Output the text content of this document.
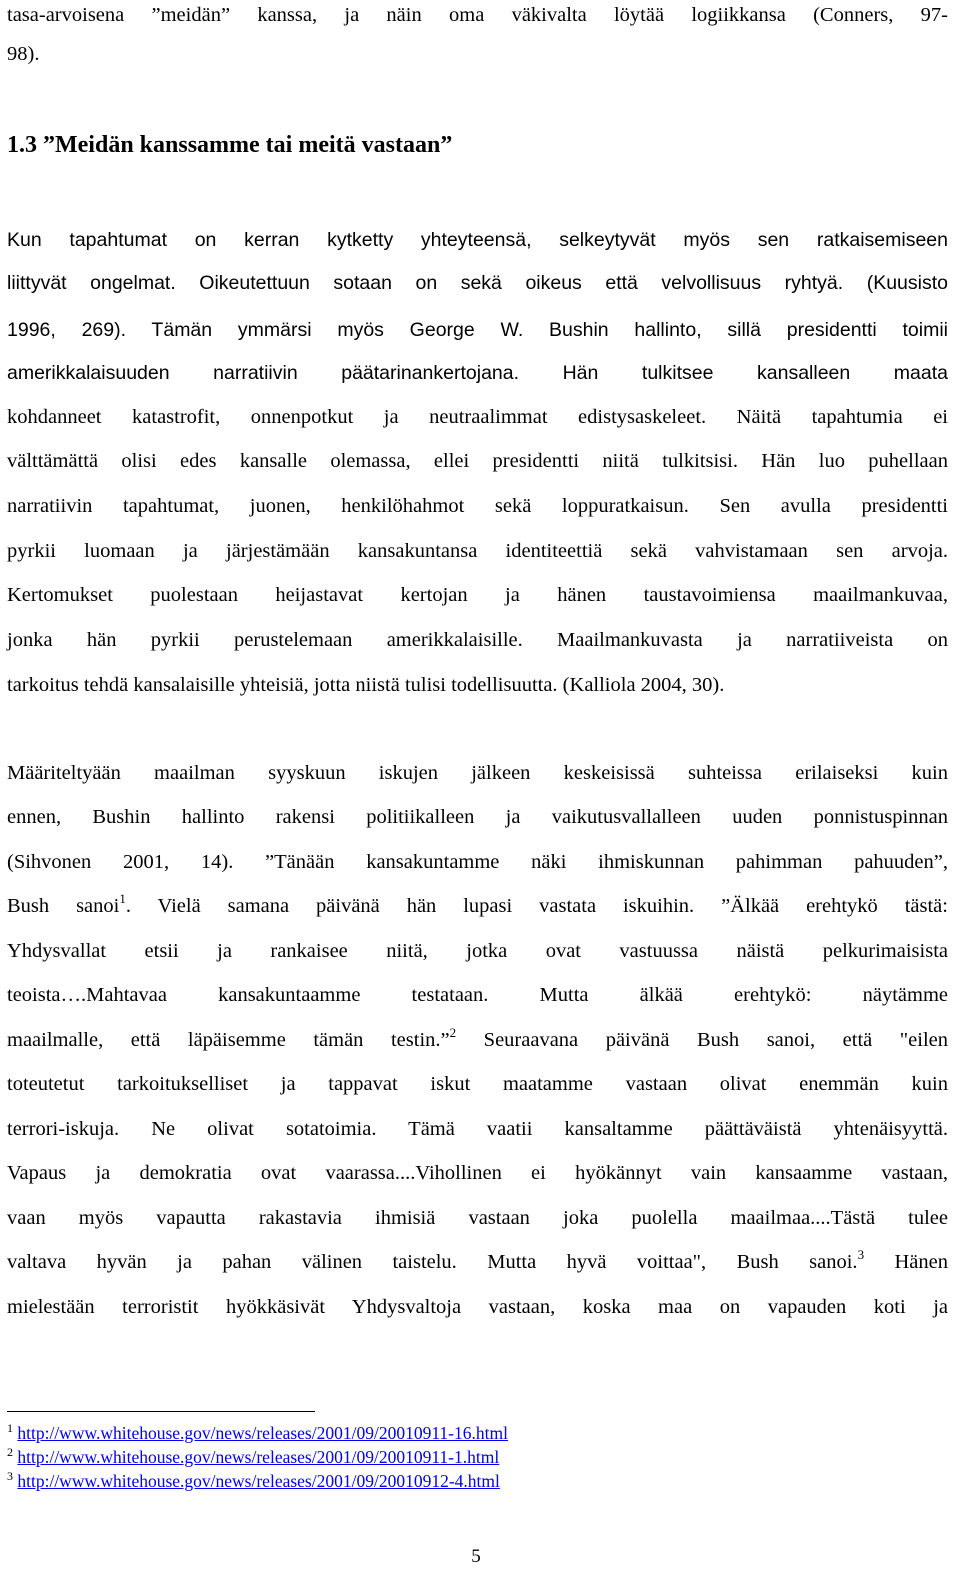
tasa-arvoisena ”meidän” kanssa, ja näin oma väkivalta löytää logiikkansa (Conners, 97-
98).
1.3 ”Meidän kanssamme tai meitä vastaan”
Kun tapahtumat on kerran kytketty yhteyteensä, selkeytyvät myös sen ratkaisemiseen
liittyvät ongelmat. Oikeutettuun sotaan on sekä oikeus että velvollisuus ryhtyä. (Kuusisto
1996, 269). Tämän ymmärsi myös George W. Bushin hallinto, sillä presidentti toimii
amerikkalaisuuden narratiivin päätarinankertojana. Hän tulkitsee kansalleen maata
kohdanneet katastrofit, onnenpotkut ja neutraalimmat edistysaskeleet. Näitä tapahtumia ei
välttämättä olisi edes kansalle olemassa, ellei presidentti niitä tulkitsisi. Hän luo puhellaan
narratiivin tapahtumat, juonen, henkilöhahmot sekä loppuratkaisun. Sen avulla presidentti
pyrkii luomaan ja järjestämään kansakuntansa identiteettiä sekä vahvistamaan sen arvoja.
Kertomukset puolestaan heijastavat kertojan ja hänen taustavoimiensa maailmankuvaa,
jonka hän pyrkii perustelemaan amerikkalaisille. Maailmankuvasta ja narratiiveista on
tarkoitus tehdä kansalaisille yhteisiä, jotta niistä tulisi todellisuutta. (Kalliola 2004, 30).
Määriteltyään maailman syyskuun iskujen jälkeen keskeisissä suhteissa erilaiseksi kuin
ennen, Bushin hallinto rakensi politiikalleen ja vaikutusvallalleen uuden ponnistuspinnan
(Sihvonen 2001, 14). ”Tänään kansakuntamme näki ihmiskunnan pahimman pahuuden”,
Bush sanoi$^1$. Vielä samana päivänä hän lupasi vastata iskuihin. ”Älkää erehtykö tästä:
Yhdysvallat etsii ja rankaisee niitä, jotka ovat vastuussa näistä pelkurimaisista
teoista….Mahtavaa kansakuntaamme testataan. Mutta älkää erehtykö: näytämme
maailmalle, että läpäisemme tämän testin.”$^2$ Seuraavana päivänä Bush sanoi, että "eilen
toteutetut tarkoitukselliset ja tappavat iskut maatamme vastaan olivat enemmän kuin
terrori-iskuja. Ne olivat sotatoimia. Tämä vaatii kansaltamme päättäväistä yhtenäisyyttä.
Vapaus ja demokratia ovat vaarassa....Vihollinen ei hyökännyt vain kansaamme vastaan,
vaan myös vapautta rakastavia ihmisiä vastaan joka puolella maailmaa....Tästä tulee
valtava hyvän ja pahan välinen taistelu. Mutta hyvä voittaa", Bush sanoi.$^3$ Hänen
mielestään terroristit hyökkäsivät Yhdysvaltoja vastaan, koska maa on vapauden koti ja
$^1$ http://www.whitehouse.gov/news/releases/2001/09/20010911-16.html
$^2$ http://www.whitehouse.gov/news/releases/2001/09/20010911-1.html
$^3$ http://www.whitehouse.gov/news/releases/2001/09/20010912-4.html
5
